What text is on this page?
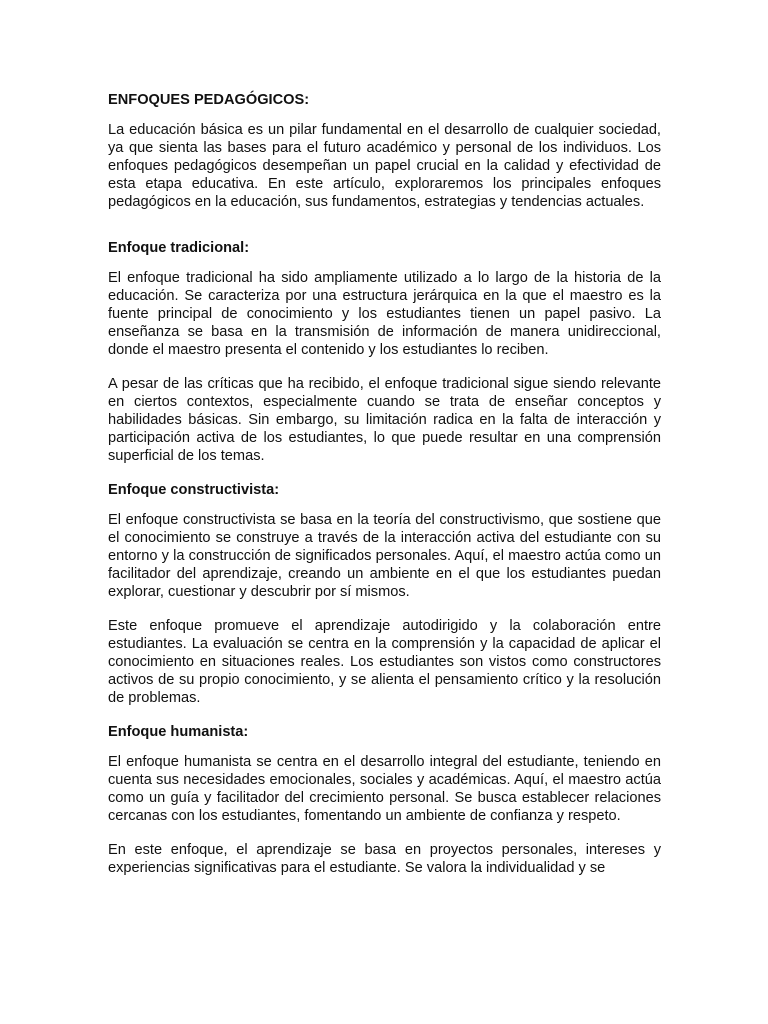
ENFOQUES PEDAGÓGICOS:

La educación básica es un pilar fundamental en el desarrollo de cualquier sociedad, ya que sienta las bases para el futuro académico y personal de los individuos. Los enfoques pedagógicos desempeñan un papel crucial en la calidad y efectividad de esta etapa educativa. En este artículo, exploraremos los principales enfoques pedagógicos en la educación, sus fundamentos, estrategias y tendencias actuales.

Enfoque tradicional:

El enfoque tradicional ha sido ampliamente utilizado a lo largo de la historia de la educación. Se caracteriza por una estructura jerárquica en la que el maestro es la fuente principal de conocimiento y los estudiantes tienen un papel pasivo. La enseñanza se basa en la transmisión de información de manera unidireccional, donde el maestro presenta el contenido y los estudiantes lo reciben.

A pesar de las críticas que ha recibido, el enfoque tradicional sigue siendo relevante en ciertos contextos, especialmente cuando se trata de enseñar conceptos y habilidades básicas. Sin embargo, su limitación radica en la falta de interacción y participación activa de los estudiantes, lo que puede resultar en una comprensión superficial de los temas.

Enfoque constructivista:

El enfoque constructivista se basa en la teoría del constructivismo, que sostiene que el conocimiento se construye a través de la interacción activa del estudiante con su entorno y la construcción de significados personales. Aquí, el maestro actúa como un facilitador del aprendizaje, creando un ambiente en el que los estudiantes puedan explorar, cuestionar y descubrir por sí mismos.

Este enfoque promueve el aprendizaje autodirigido y la colaboración entre estudiantes. La evaluación se centra en la comprensión y la capacidad de aplicar el conocimiento en situaciones reales. Los estudiantes son vistos como constructores activos de su propio conocimiento, y se alienta el pensamiento crítico y la resolución de problemas.

Enfoque humanista:

El enfoque humanista se centra en el desarrollo integral del estudiante, teniendo en cuenta sus necesidades emocionales, sociales y académicas. Aquí, el maestro actúa como un guía y facilitador del crecimiento personal. Se busca establecer relaciones cercanas con los estudiantes, fomentando un ambiente de confianza y respeto.

En este enfoque, el aprendizaje se basa en proyectos personales, intereses y experiencias significativas para el estudiante. Se valora la individualidad y se
